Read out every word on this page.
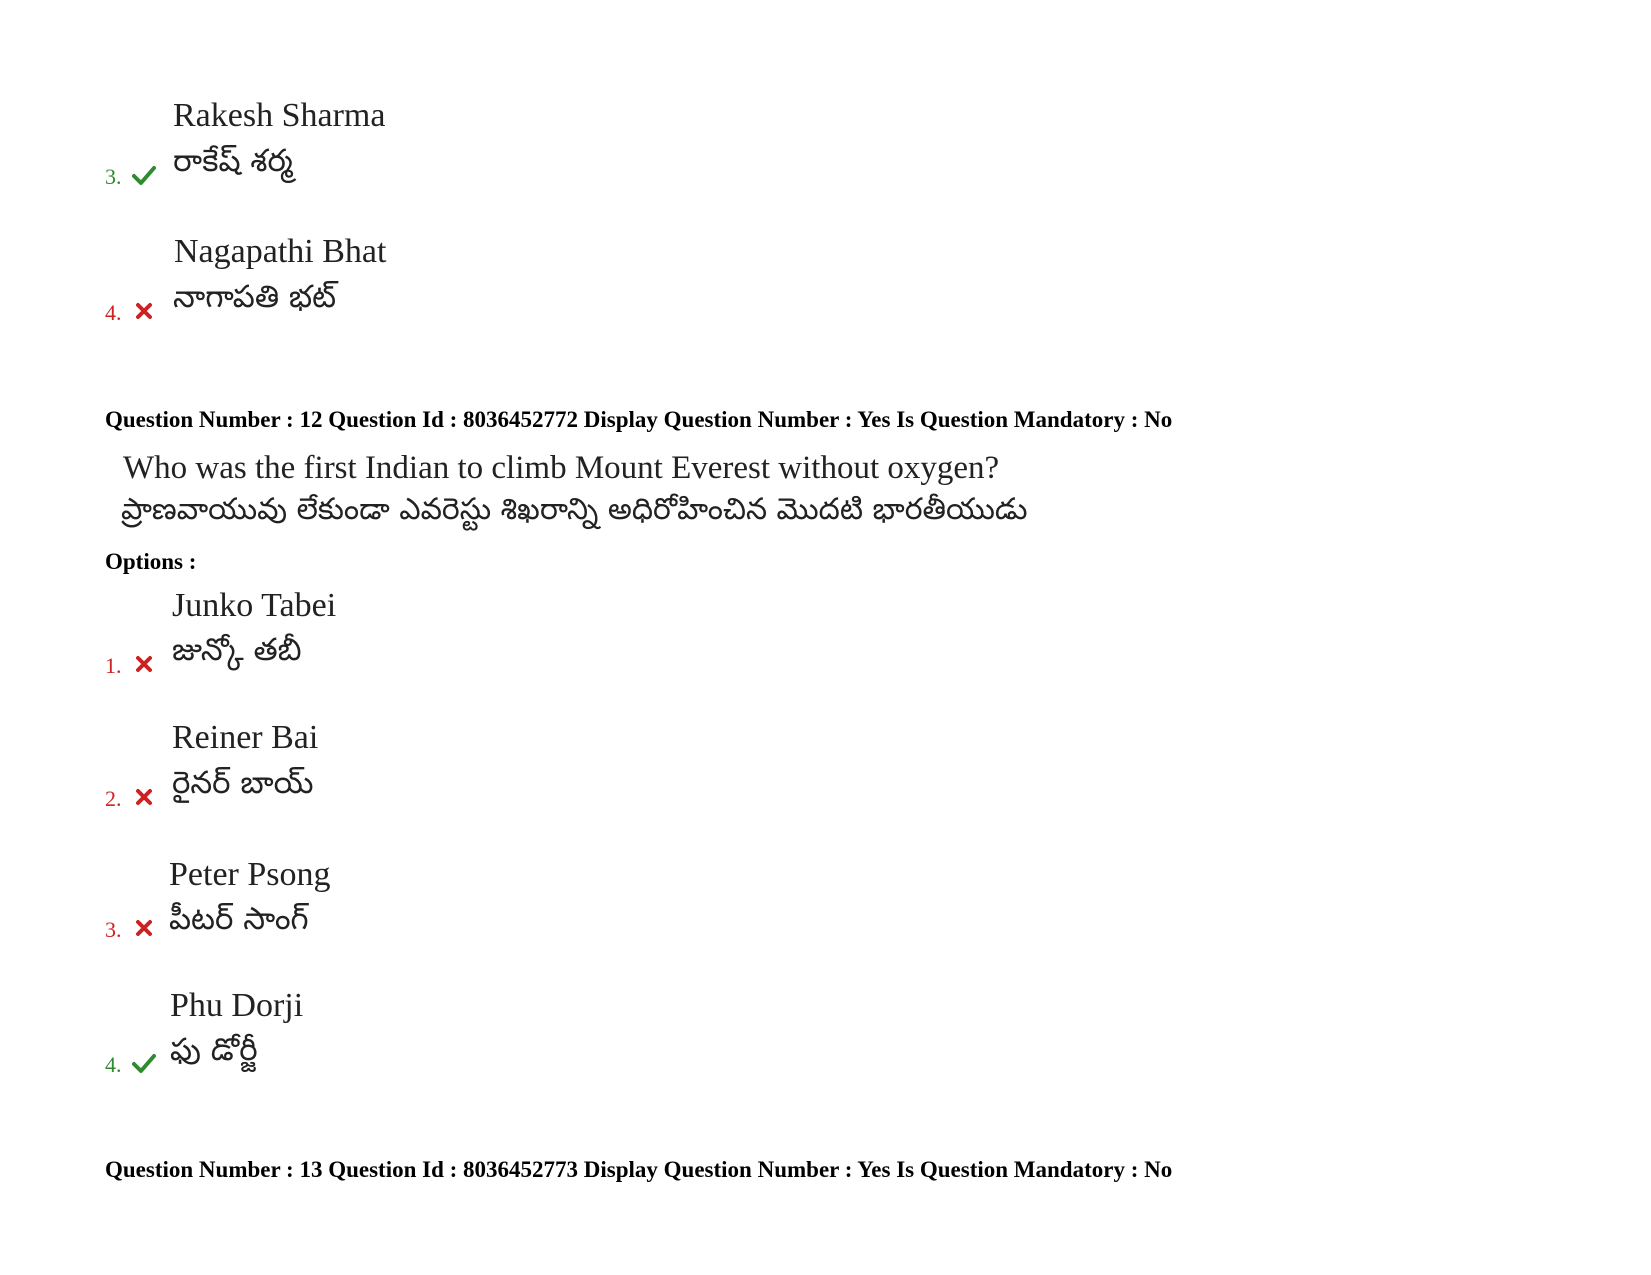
Rakesh Sharma
రాకేష్ శర్మ
3.
Nagapathi Bhat
నాగాపతి భట్
4.
Question Number : 12 Question Id : 8036452772 Display Question Number : Yes Is Question Mandatory : No
Who was the first Indian to climb Mount Everest without oxygen?
ప్రాణవాయువు లేకుండా ఎవరెస్టు శిఖరాన్ని అధిరోహించిన మొదటి భారతీయుడు
Options :
Junko Tabei
జున్కో తబీ
1.
Reiner Bai
రైనర్ బాయ్
2.
Peter Psong
పీటర్ సాంగ్
3.
Phu Dorji
ఫు డోర్జీ
4.
Question Number : 13 Question Id : 8036452773 Display Question Number : Yes Is Question Mandatory : No
